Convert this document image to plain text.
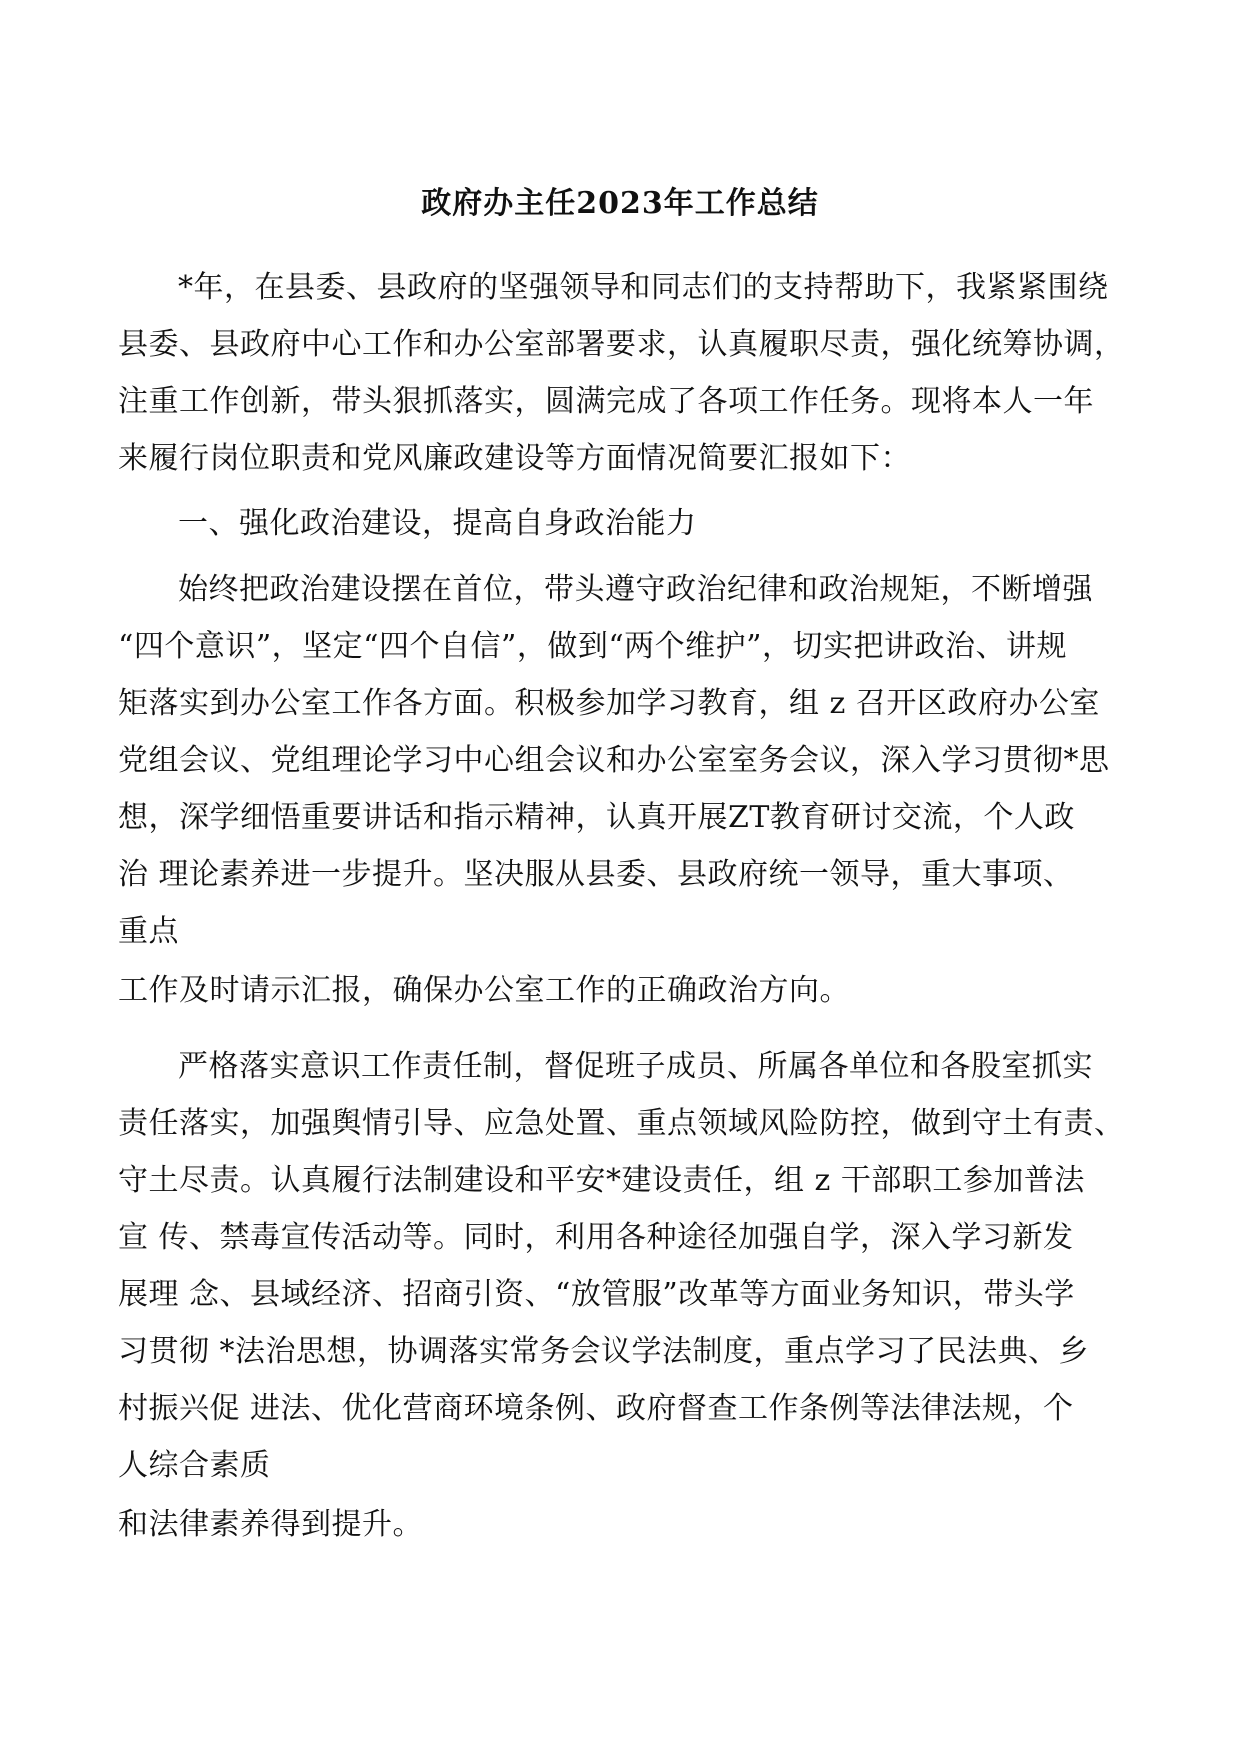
政府办主任2023年工作总结
*年，在县委、县政府的坚强领导和同志们的支持帮助下，我紧紧围绕
县委、县政府中心工作和办公室部署要求，认真履职尽责，强化统筹协调，
注重工作创新，带头狠抓落实，圆满完成了各项工作任务。现将本人一年
来履行岗位职责和党风廉政建设等方面情况简要汇报如下：
一、强化政治建设，提高自身政治能力
始终把政治建设摆在首位，带头遵守政治纪律和政治规矩，不断增强
“四个意识”，坚定“四个自信”，做到“两个维护”，切实把讲政治、讲规
矩落实到办公室工作各方面。积极参加学习教育，组 z 召开区政府办公室
党组会议、党组理论学习中心组会议和办公室室务会议，深入学习贯彻*思
想，深学细悟重要讲话和指示精神，认真开展ZT教育研讨交流，个人政
治 理论素养进一步提升。坚决服从县委、县政府统一领导，重大事项、
重点
工作及时请示汇报，确保办公室工作的正确政治方向。
严格落实意识工作责任制，督促班子成员、所属各单位和各股室抓实
责任落实，加强舆情引导、应急处置、重点领域风险防控，做到守土有责、
守土尽责。认真履行法制建设和平安*建设责任，组 z 干部职工参加普法
宣 传、禁毒宣传活动等。同时，利用各种途径加强自学，深入学习新发
展理 念、县域经济、招商引资、“放管服”改革等方面业务知识，带头学
习贯彻 *法治思想，协调落实常务会议学法制度，重点学习了民法典、乡
村振兴促 进法、优化营商环境条例、政府督查工作条例等法律法规，个
人综合素质
和法律素养得到提升。
